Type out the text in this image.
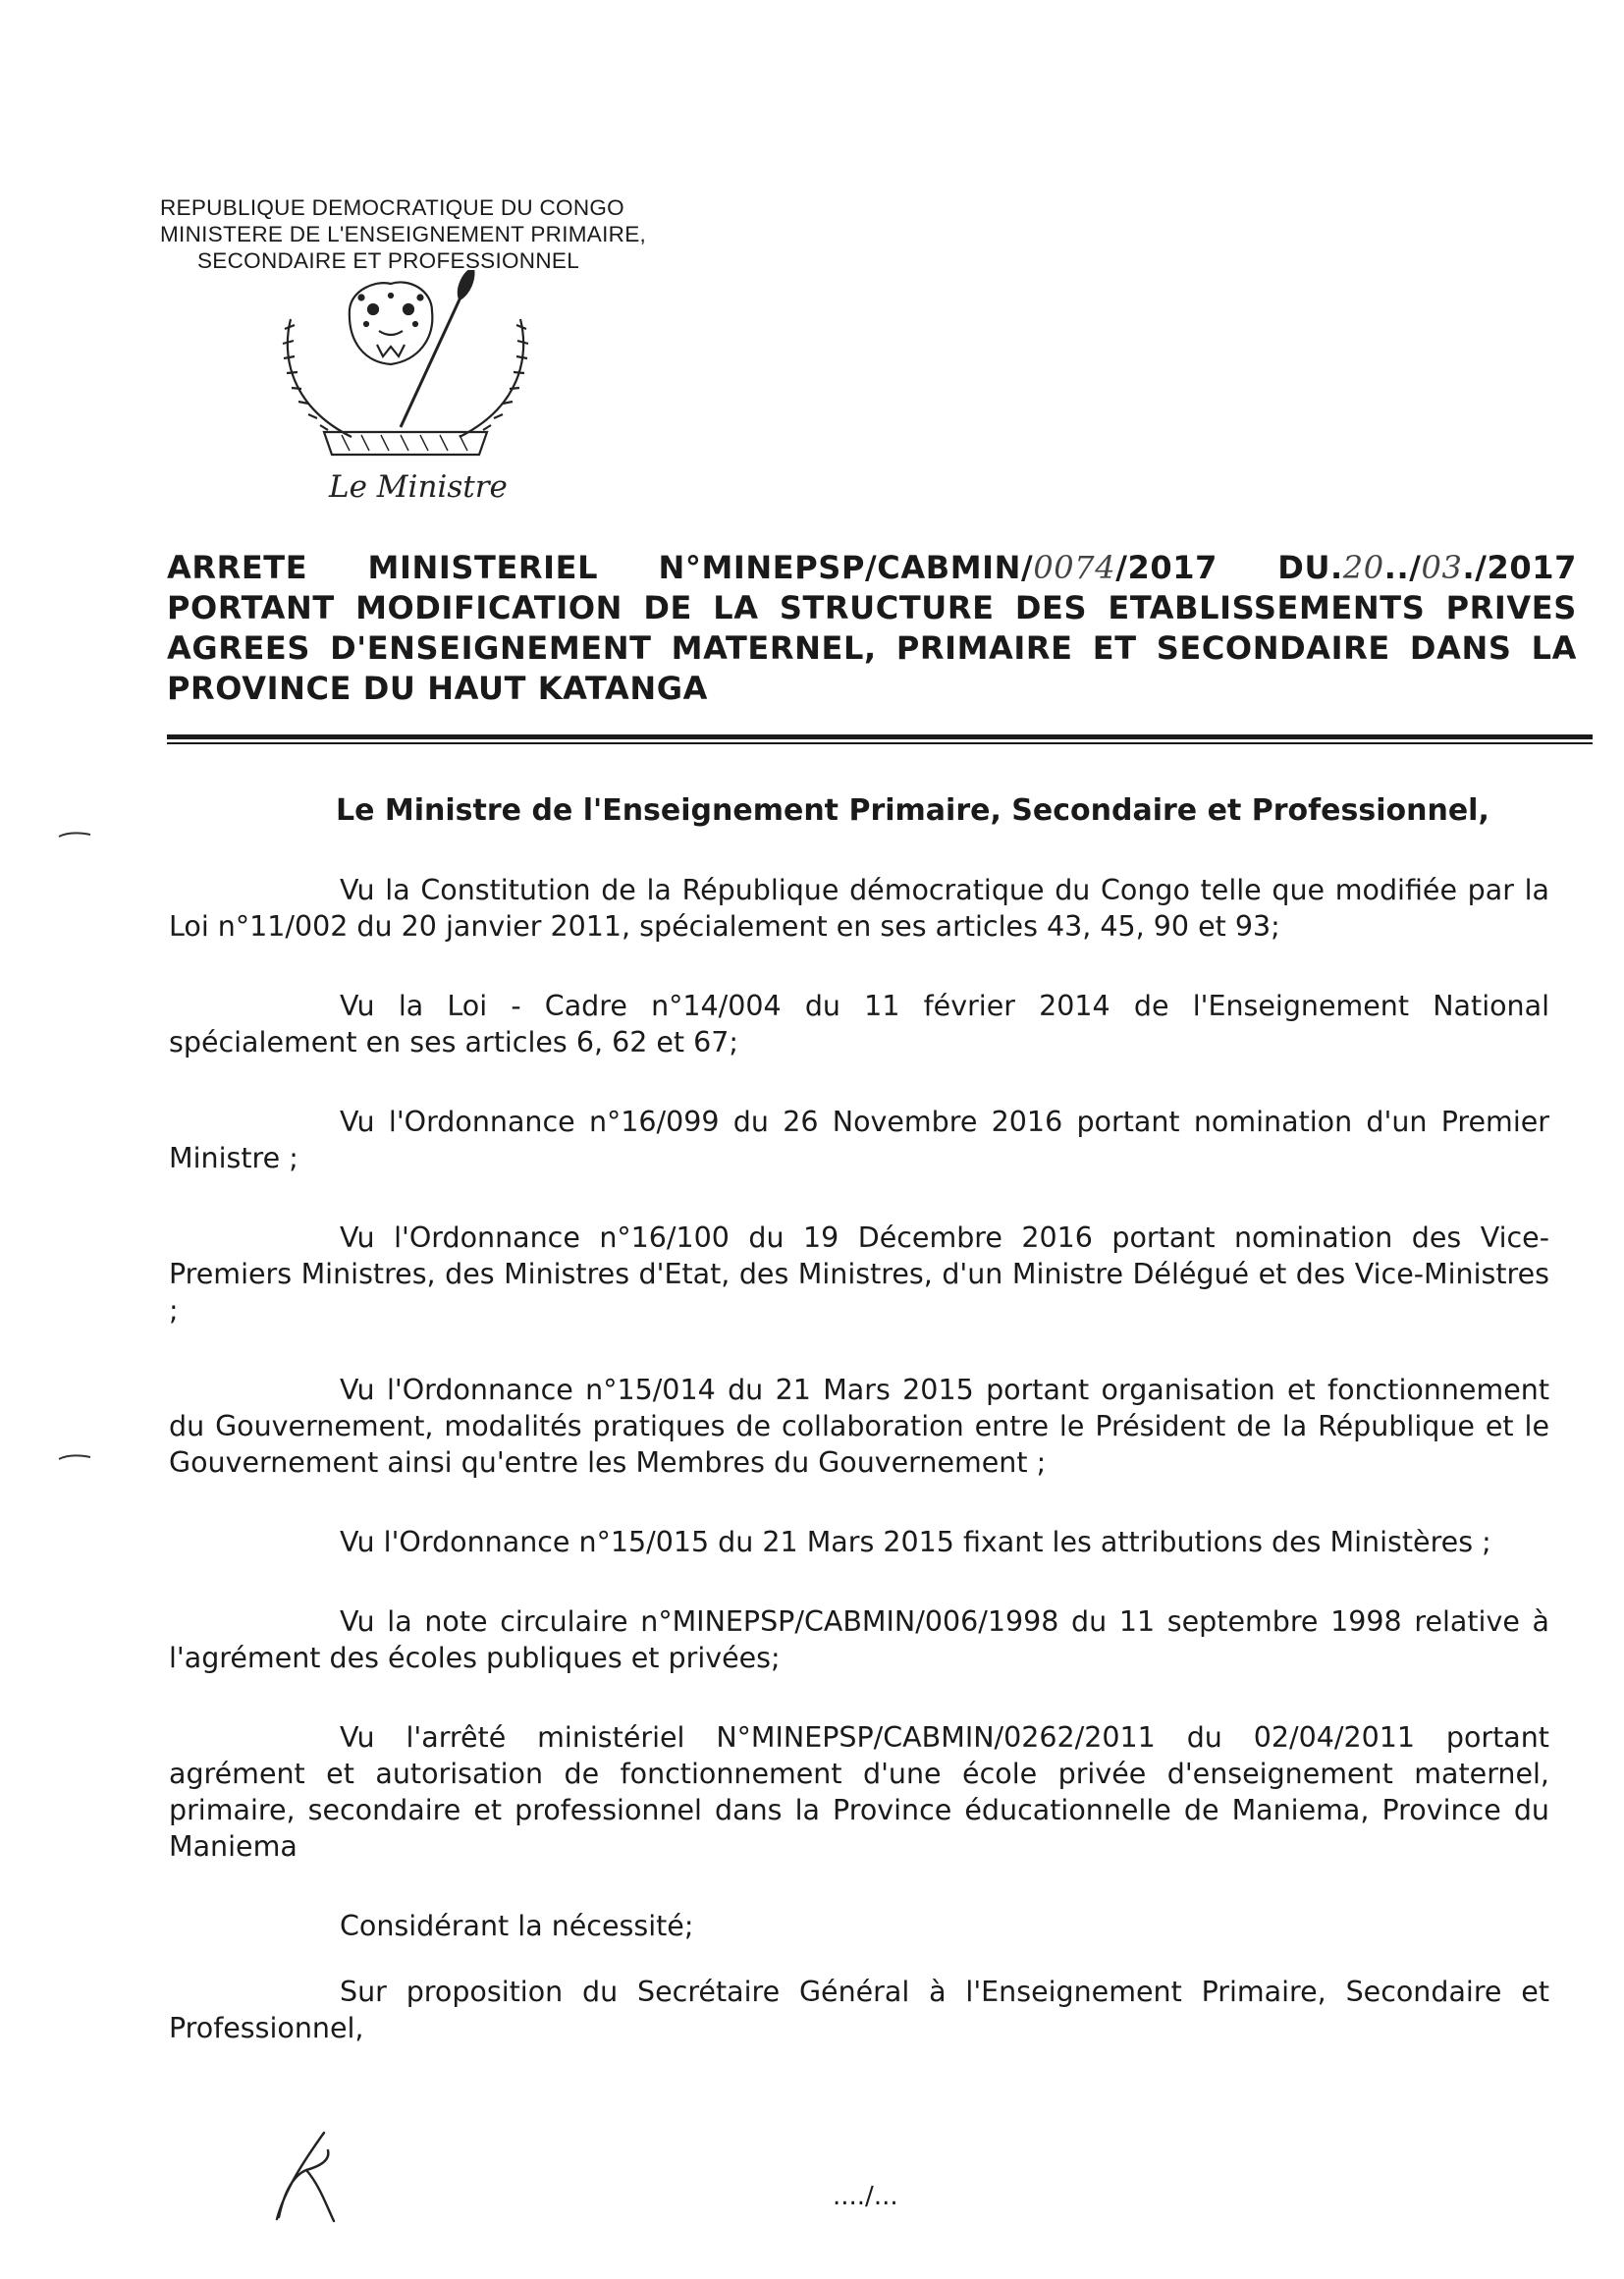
REPUBLIQUE DEMOCRATIQUE DU CONGO
MINISTERE DE L'ENSEIGNEMENT PRIMAIRE,
SECONDAIRE ET PROFESSIONNEL
Le Ministre
ARRETE MINISTERIEL N°MINEPSP/CABMIN/0074/2017 DU.20../03./2017
PORTANT MODIFICATION DE LA STRUCTURE DES ETABLISSEMENTS PRIVES
AGREES D'ENSEIGNEMENT MATERNEL, PRIMAIRE ET SECONDAIRE DANS LA
PROVINCE DU HAUT KATANGA
Le Ministre de l'Enseignement Primaire, Secondaire et Professionnel,

Vu la Constitution de la République démocratique du Congo telle que modifiée par la Loi n°11/002 du 20 janvier 2011, spécialement en ses articles 43, 45, 90 et 93;

Vu la Loi - Cadre n°14/004 du 11 février 2014 de l'Enseignement National spécialement en ses articles 6, 62 et 67;

Vu l'Ordonnance n°16/099 du 26 Novembre 2016 portant nomination d'un Premier Ministre ;

Vu l'Ordonnance n°16/100 du 19 Décembre 2016 portant nomination des Vice-Premiers Ministres, des Ministres d'Etat, des Ministres, d'un Ministre Délégué et des Vice-Ministres ;

Vu l'Ordonnance n°15/014 du 21 Mars 2015 portant organisation et fonctionnement du Gouvernement, modalités pratiques de collaboration entre le Président de la République et le Gouvernement ainsi qu'entre les Membres du Gouvernement ;

Vu l'Ordonnance n°15/015 du 21 Mars 2015 fixant les attributions des Ministères ;

Vu la note circulaire n°MINEPSP/CABMIN/006/1998 du 11 septembre 1998 relative à l'agrément des écoles publiques et privées;

Vu l'arrêté ministériel N°MINEPSP/CABMIN/0262/2011 du 02/04/2011 portant agrément et autorisation de fonctionnement d'une école privée d'enseignement maternel, primaire, secondaire et professionnel dans la Province éducationnelle de Maniema, Province du Maniema

Considérant la nécessité;

Sur proposition du Secrétaire Général à l'Enseignement Primaire, Secondaire et Professionnel,

..../...
